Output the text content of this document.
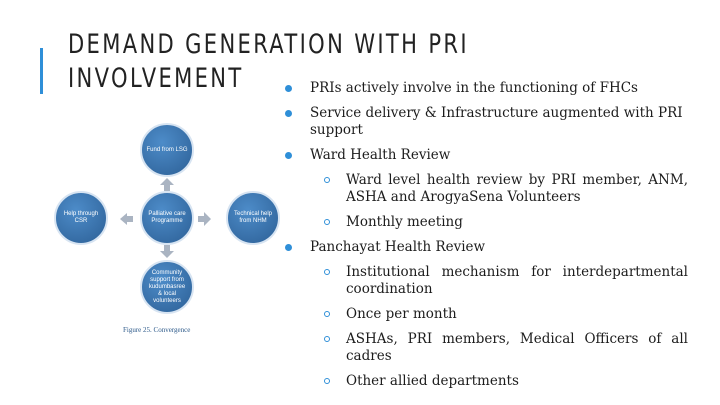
DEMAND GENERATION WITH PRI
INVOLVEMENT
Palliative care Programme
Fund from LSG
Help through CSR
Technical help from NHM
Community support from kudumbasree & local volunteers
Figure 25. Convergence
PRIs actively involve in the functioning of FHCs
Service delivery & Infrastructure augmented with PRI support
Ward Health Review
Ward level health review by PRI member, ANM, ASHA and ArogyaSena Volunteers
Monthly meeting
Panchayat Health Review
Institutional mechanism for interdepartmental coordination
Once per month
ASHAs, PRI members, Medical Officers of all cadres
Other allied departments
